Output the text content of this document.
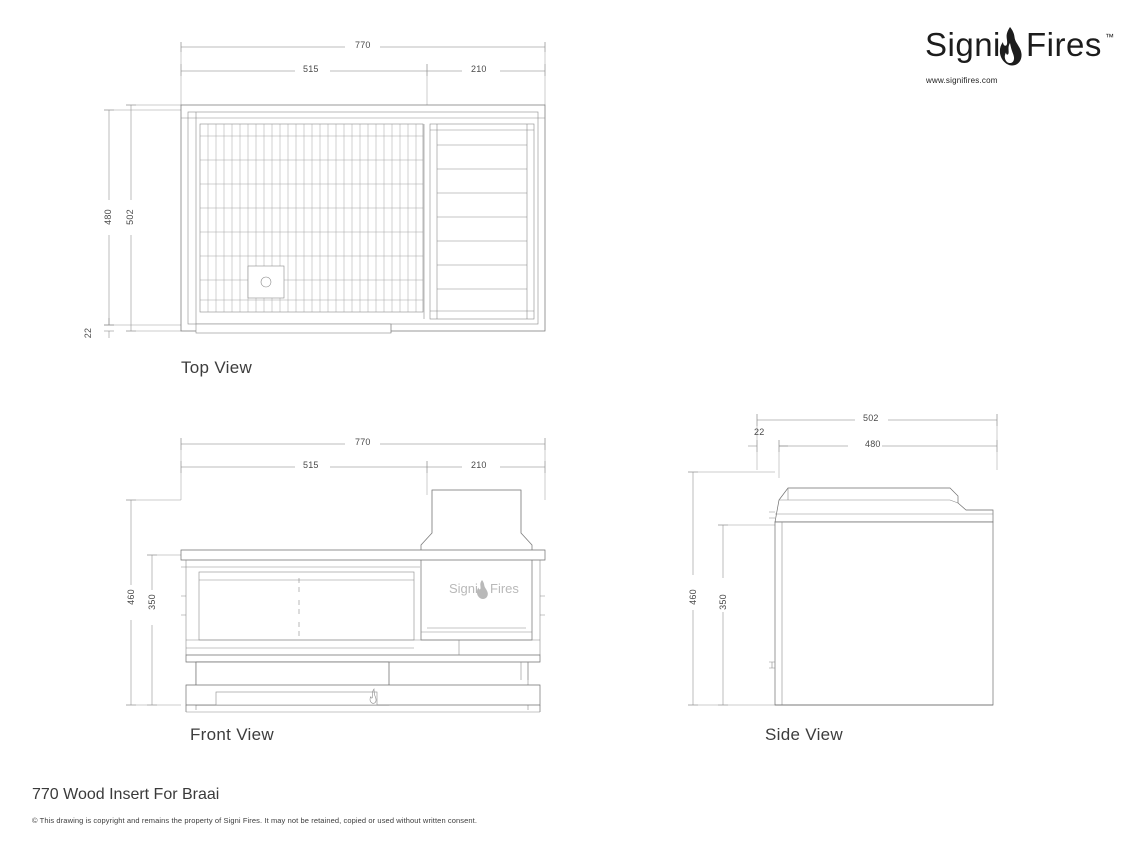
Signi Fires ™
www.signifires.com
770
515	210
480 502
22
Top View
770
515	210
460 350
Signi Fires
Front View
502
22
480
460 350
Side View
770 Wood Insert For Braai
© This drawing is copyright and remains the property of Signi Fires. It may not be retained, copied or used without written consent.
